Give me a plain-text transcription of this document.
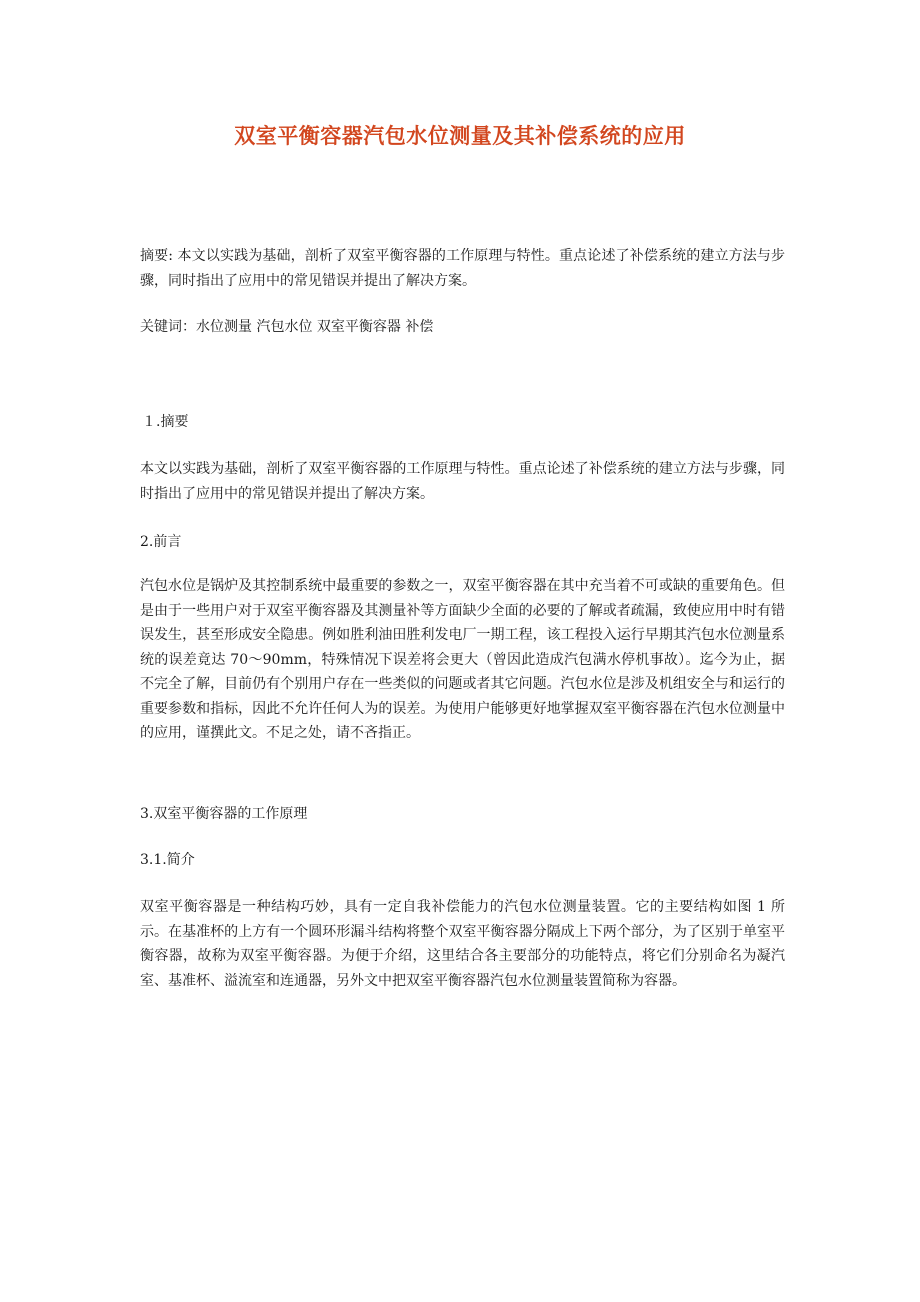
双室平衡容器汽包水位测量及其补偿系统的应用

摘要: 本文以实践为基础，剖析了双室平衡容器的工作原理与特性。重点论述了补偿系统的建立方法与步骤，同时指出了应用中的常见错误并提出了解决方案。

关键词：水位测量 汽包水位 双室平衡容器 补偿

１.摘要

本文以实践为基础，剖析了双室平衡容器的工作原理与特性。重点论述了补偿系统的建立方法与步骤，同时指出了应用中的常见错误并提出了解决方案。

2.前言

汽包水位是锅炉及其控制系统中最重要的参数之一，双室平衡容器在其中充当着不可或缺的重要角色。但是由于一些用户对于双室平衡容器及其测量补等方面缺少全面的必要的了解或者疏漏，致使应用中时有错误发生，甚至形成安全隐患。例如胜利油田胜利发电厂一期工程，该工程投入运行早期其汽包水位测量系统的误差竟达 70～90mm，特殊情况下误差将会更大（曾因此造成汽包满水停机事故）。迄今为止，据不完全了解，目前仍有个别用户存在一些类似的问题或者其它问题。汽包水位是涉及机组安全与和运行的重要参数和指标，因此不允许任何人为的误差。为使用户能够更好地掌握双室平衡容器在汽包水位测量中的应用，谨撰此文。不足之处，请不吝指正。

3.双室平衡容器的工作原理

3.1.简介

双室平衡容器是一种结构巧妙，具有一定自我补偿能力的汽包水位测量装置。它的主要结构如图 1 所示。在基准杯的上方有一个圆环形漏斗结构将整个双室平衡容器分隔成上下两个部分，为了区别于单室平衡容器，故称为双室平衡容器。为便于介绍，这里结合各主要部分的功能特点，将它们分别命名为凝汽室、基准杯、溢流室和连通器，另外文中把双室平衡容器汽包水位测量装置简称为容器。
